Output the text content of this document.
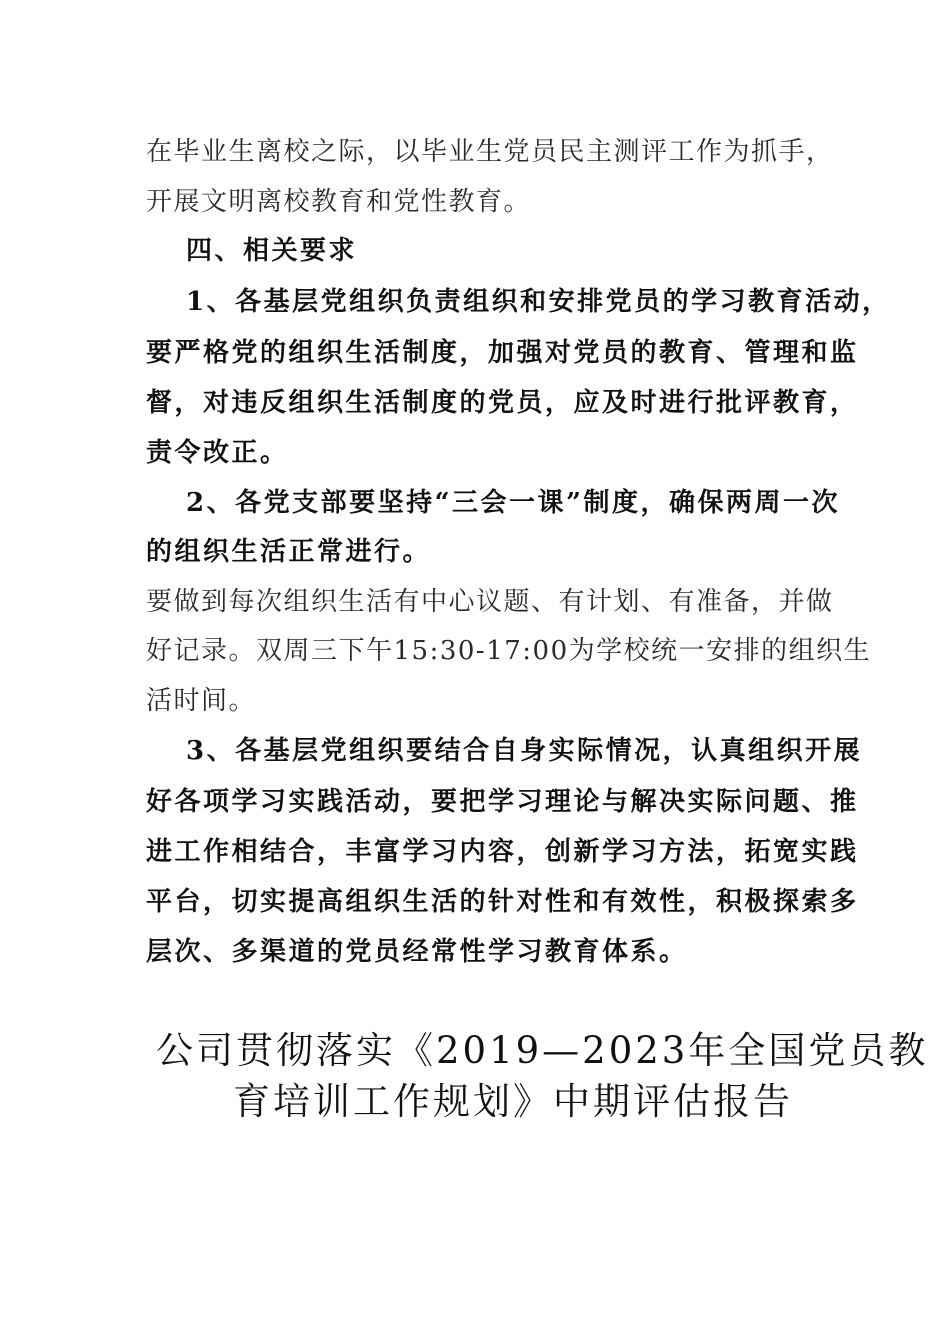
在毕业生离校之际，以毕业生党员民主测评工作为抓手，
开展文明离校教育和党性教育。
四、相关要求
1、各基层党组织负责组织和安排党员的学习教育活动，
要严格党的组织生活制度，加强对党员的教育、管理和监
督，对违反组织生活制度的党员，应及时进行批评教育，
责令改正。
2、各党支部要坚持“三会一课”制度，确保两周一次
的组织生活正常进行。
要做到每次组织生活有中心议题、有计划、有准备，并做
好记录。双周三下午15:30-17:00为学校统一安排的组织生
活时间。
3、各基层党组织要结合自身实际情况，认真组织开展
好各项学习实践活动，要把学习理论与解决实际问题、推
进工作相结合，丰富学习内容，创新学习方法，拓宽实践
平台，切实提高组织生活的针对性和有效性，积极探索多
层次、多渠道的党员经常性学习教育体系。
公司贯彻落实《2019—2023年全国党员教
育培训工作规划》中期评估报告
